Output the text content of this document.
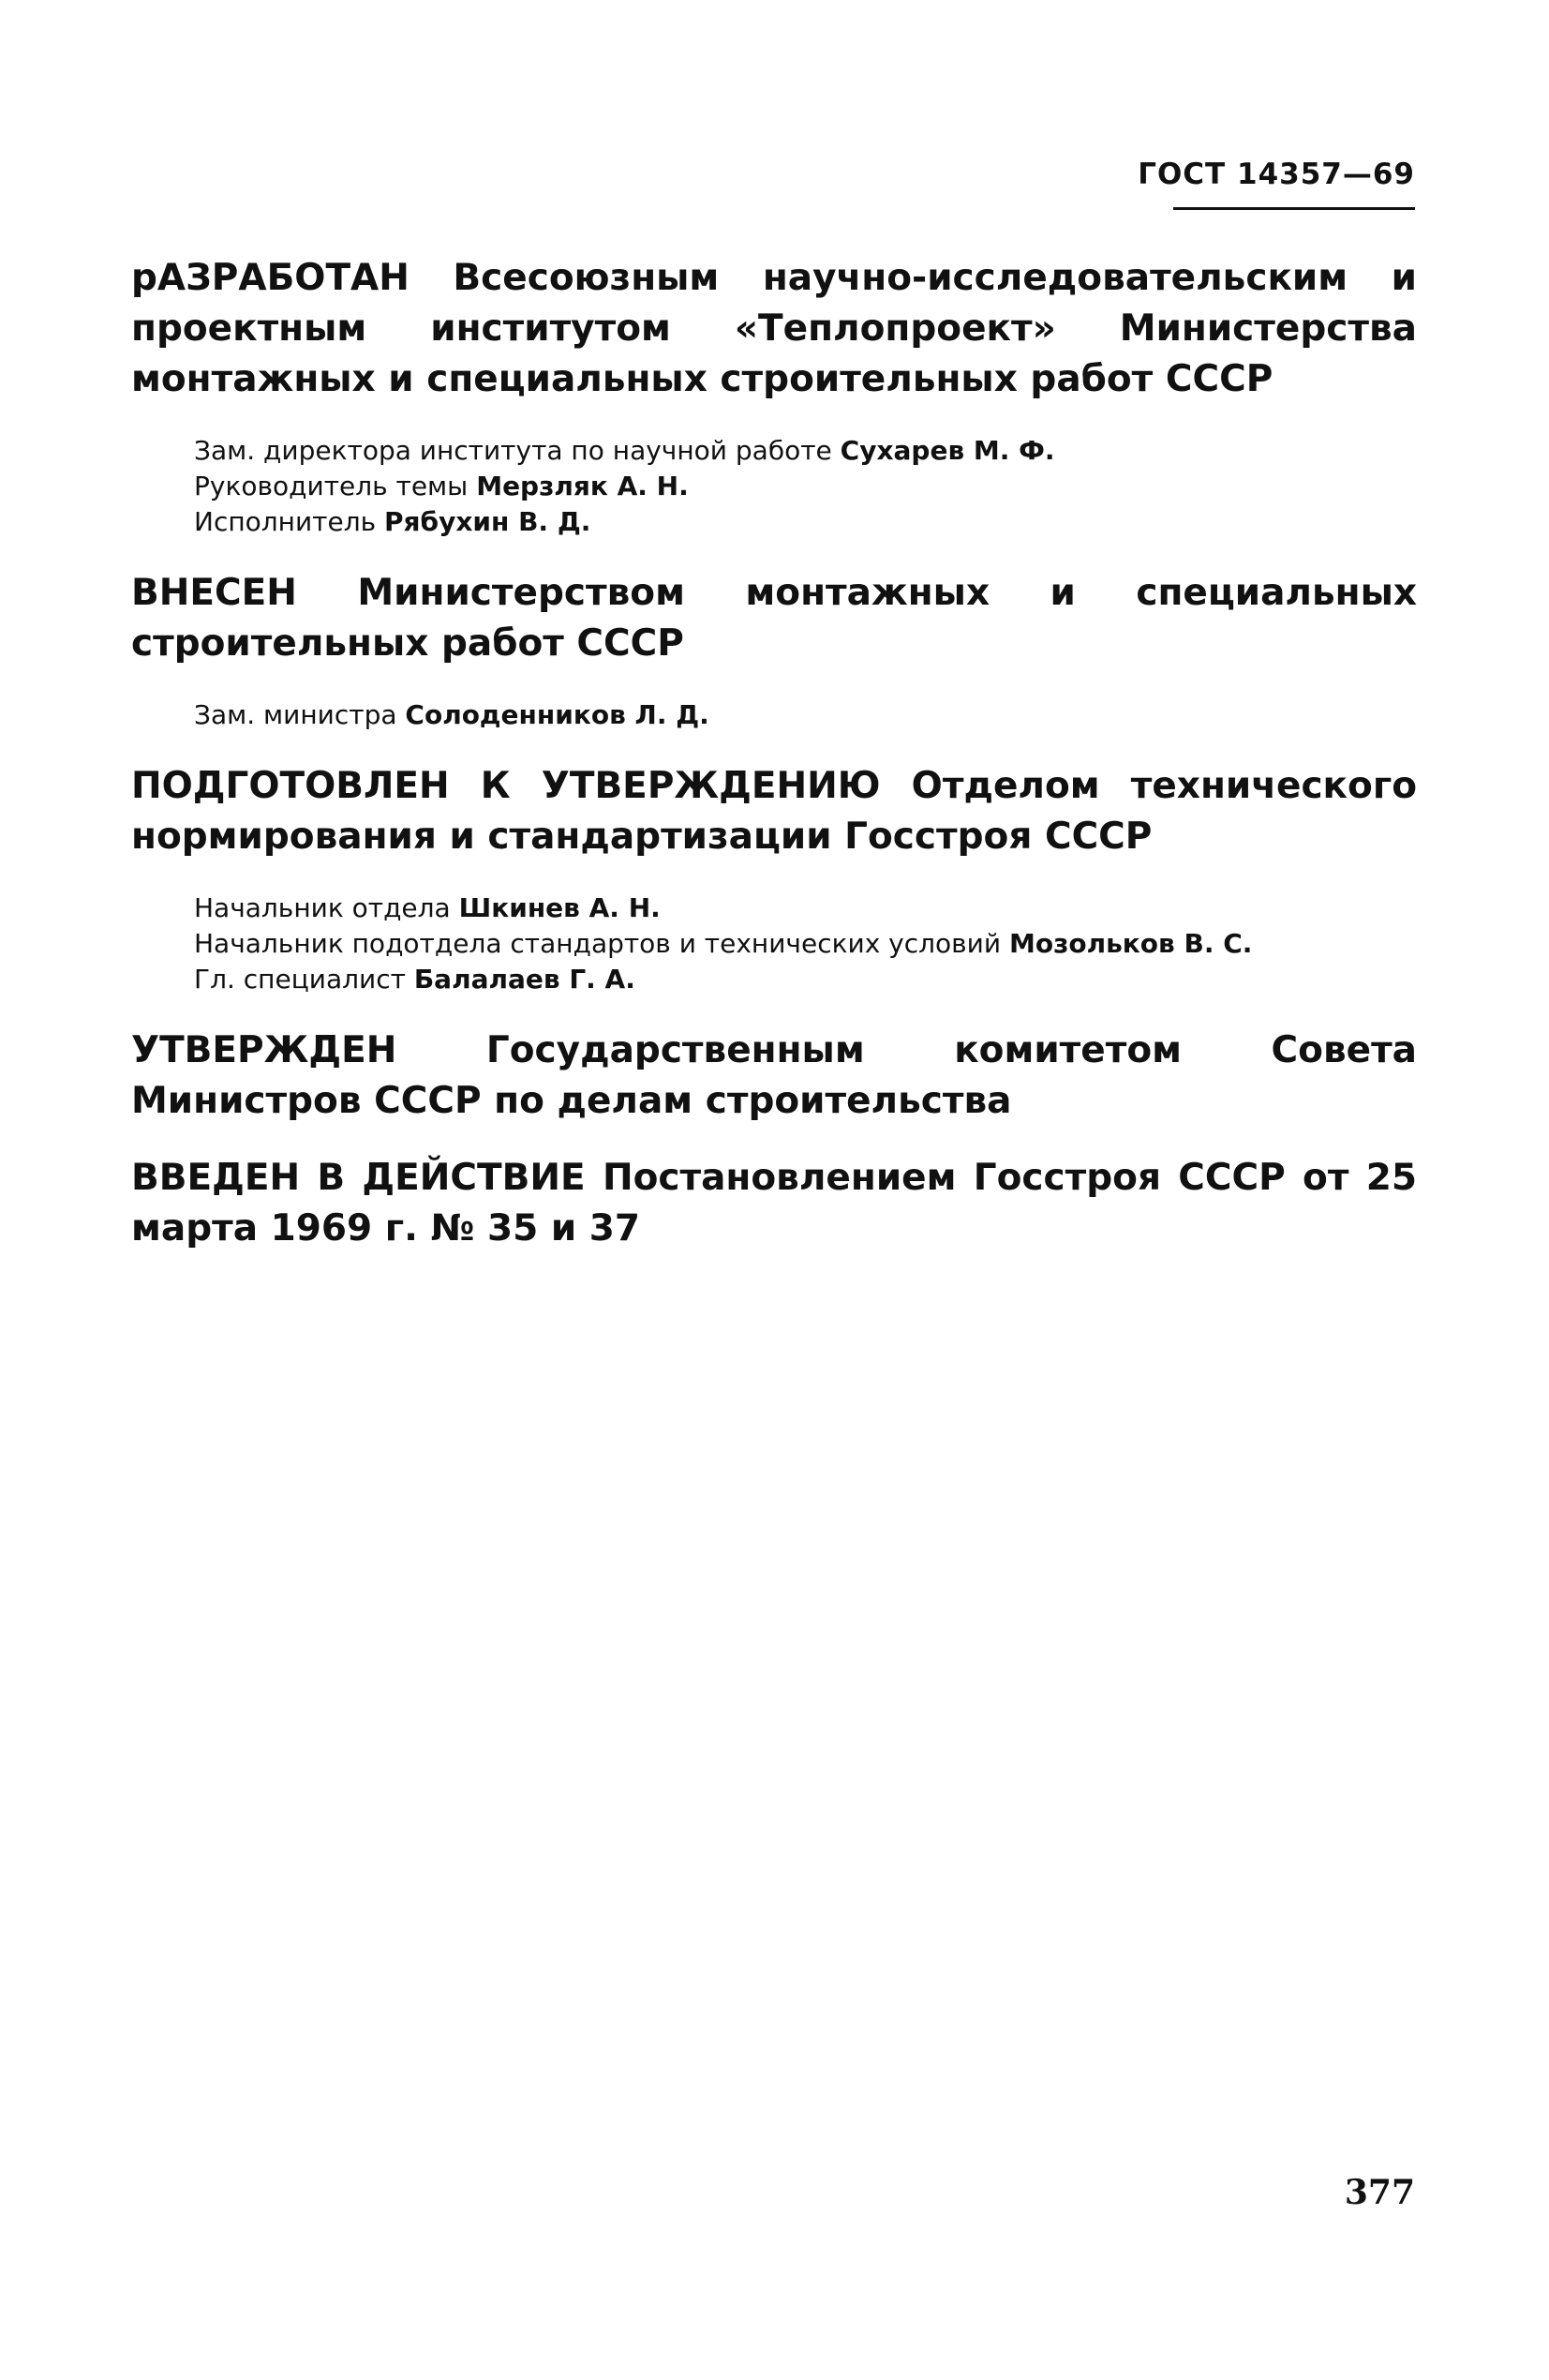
ГОСТ 14357—69
рАЗРАБОТАН Всесоюзным научно-исследовательским и проектным институтом «Теплопроект» Министерства монтажных и специальных строительных работ СССР
Зам. директора института по научной работе Сухарев М. Ф.
Руководитель темы Мерзляк А. Н.
Исполнитель Рябухин В. Д.
ВНЕСЕН Министерством монтажных и специальных строительных работ СССР
Зам. министра Солоденников Л. Д.
ПОДГОТОВЛЕН К УТВЕРЖДЕНИЮ Отделом технического нормирования и стандартизации Госстроя СССР
Начальник отдела Шкинев А. Н.
Начальник подотдела стандартов и технических условий Мозольков В. С.
Гл. специалист Балалаев Г. А.
УТВЕРЖДЕН Государственным комитетом Совета Министров СССР по делам строительства
ВВЕДЕН В ДЕЙСТВИЕ Постановлением Госстроя СССР от 25 марта 1969 г. № 35 и 37
377
